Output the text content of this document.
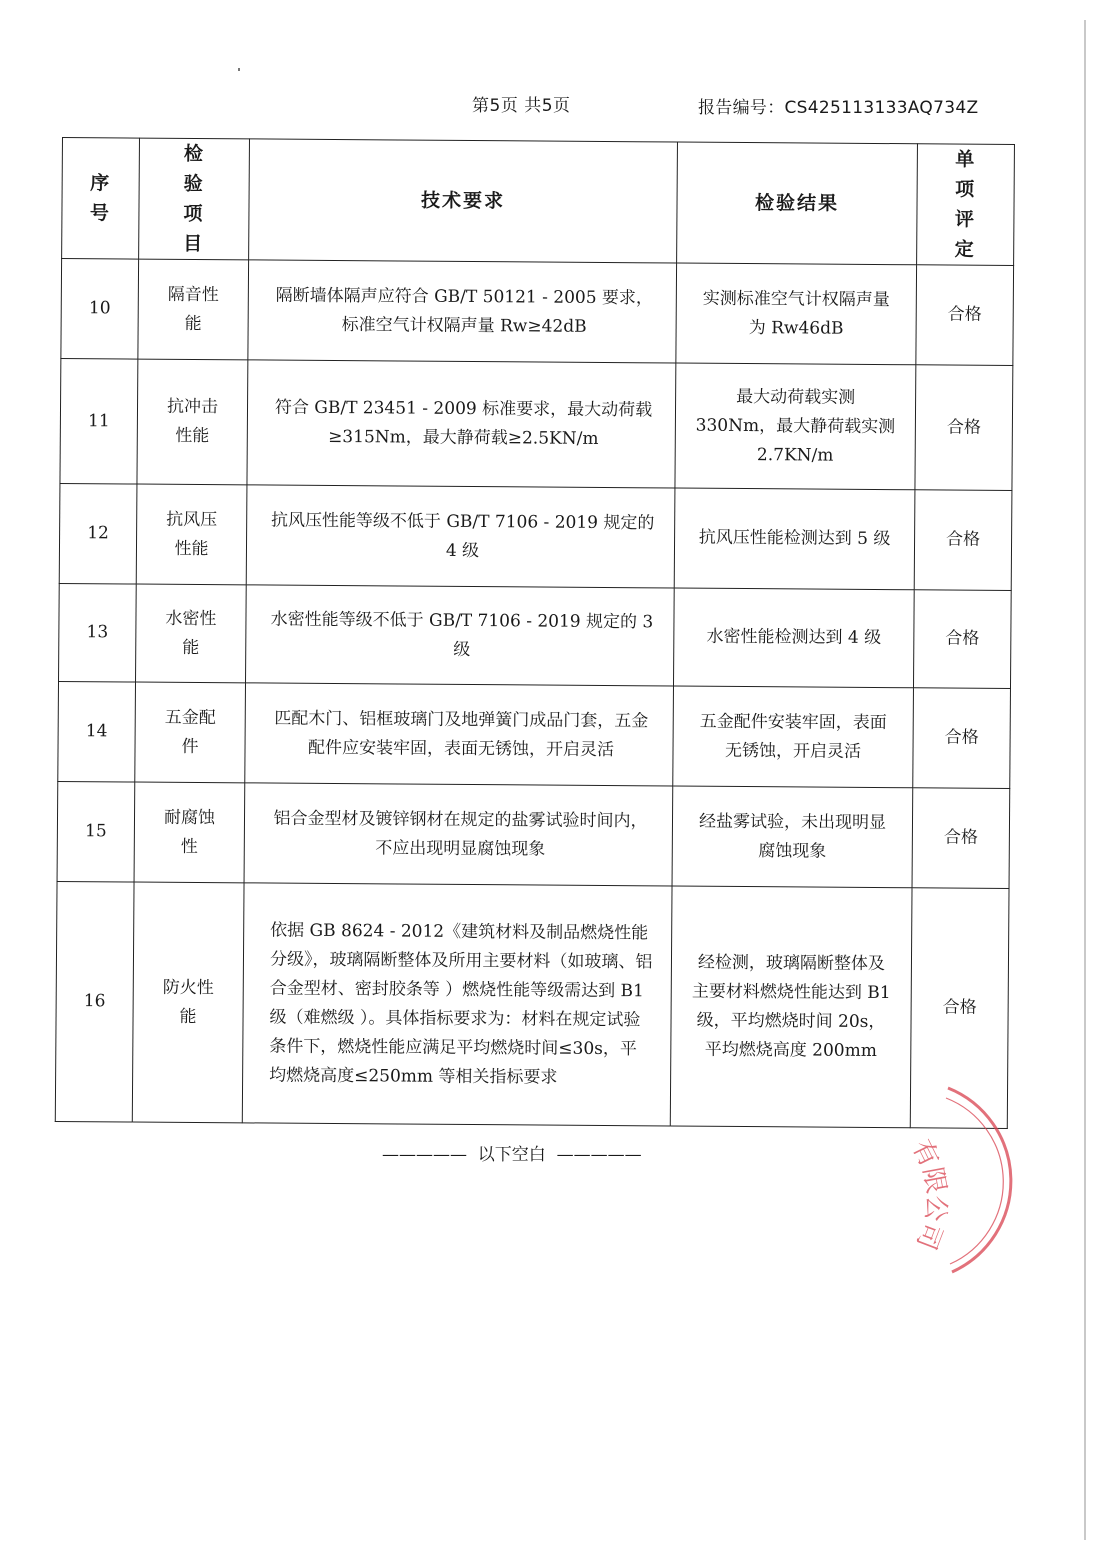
第5页 共5页	报告编号：CS425113133AQ734Z
序号	检验项目	技术要求	检验结果	单项评定

10	隔音性能	隔断墙体隔声应符合 GB/T 50121 - 2005 要求，标准空气计权隔声量 Rw≥42dB	实测标准空气计权隔声量为 Rw46dB	合格
11	抗冲击性能	符合 GB/T 23451 - 2009 标准要求，最大动荷载≥315Nm，最大静荷载≥2.5KN/m	最大动荷载实测 330Nm，最大静荷载实测 2.7KN/m	合格
12	抗风压性能	抗风压性能等级不低于 GB/T 7106 - 2019 规定的 4 级	抗风压性能检测达到 5 级	合格
13	水密性能	水密性能等级不低于 GB/T 7106 - 2019 规定的 3 级	水密性能检测达到 4 级	合格
14	五金配件	匹配木门、铝框玻璃门及地弹簧门成品门套，五金配件应安装牢固，表面无锈蚀，开启灵活	五金配件安装牢固，表面无锈蚀，开启灵活	合格
15	耐腐蚀性	铝合金型材及镀锌钢材在规定的盐雾试验时间内，不应出现明显腐蚀现象	经盐雾试验，未出现明显腐蚀现象	合格
16	防火性能	依据 GB 8624 - 2012《建筑材料及制品燃烧性能分级》，玻璃隔断整体及所用主要材料（如玻璃、铝合金型材、密封胶条等 ）燃烧性能等级需达到 B1 级（难燃级 ）。具体指标要求为：材料在规定试验条件下，燃烧性能应满足平均燃烧时间≤30s，平均燃烧高度≤250mm 等相关指标要求	经检测，玻璃隔断整体及主要材料燃烧性能达到 B1 级，平均燃烧时间 20s，平均燃烧高度 200mm	合格
—————  以下空白  —————	有限公司
